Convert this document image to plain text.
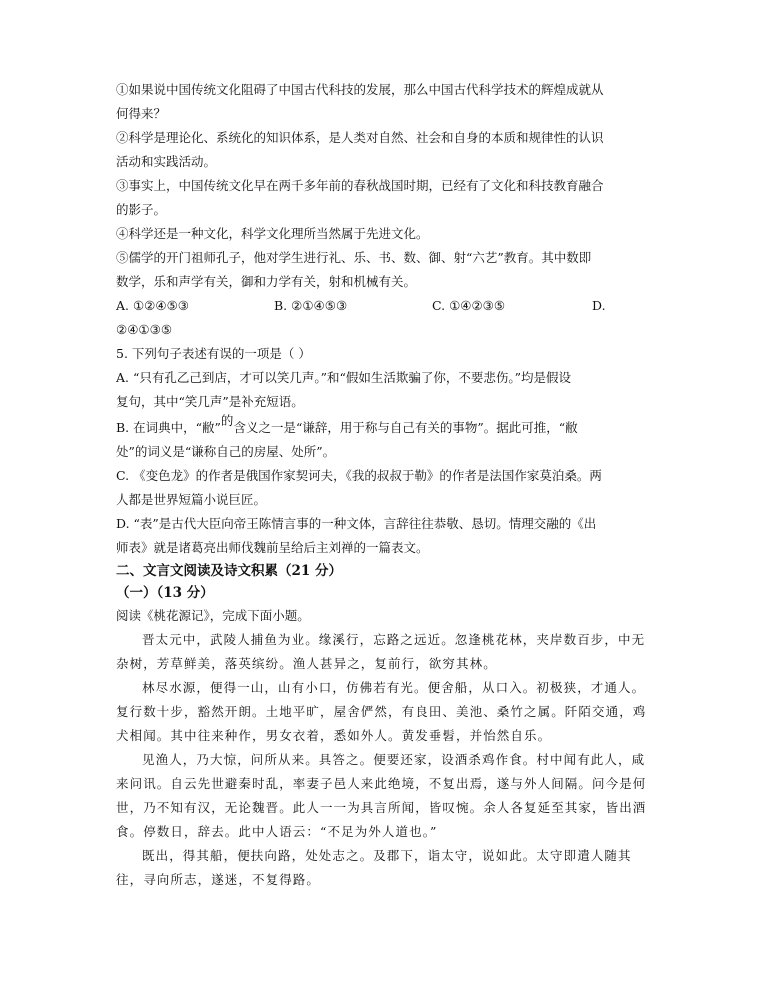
①如果说中国传统文化阻碍了中国古代科技的发展，那么中国古代科学技术的辉煌成就从

何得来？

②科学是理论化、系统化的知识体系，是人类对自然、社会和自身的本质和规律性的认识

活动和实践活动。

③事实上，中国传统文化早在两千多年前的春秋战国时期，已经有了文化和科技教育融合

的影子。

④科学还是一种文化，科学文化理所当然属于先进文化。

⑤儒学的开门祖师孔子，他对学生进行礼、乐、书、数、御、射“六艺”教育。其中数即

数学，乐和声学有关，御和力学有关，射和机械有关。

A. ①②④⑤③	B. ②①④⑤③	C. ①④②③⑤	D.

②④①③⑤

5. 下列句子表述有误的一项是（ ）

A. “只有孔乙己到店，才可以笑几声。”和“假如生活欺骗了你，不要悲伤。”均是假设

复句，其中“笑几声”是补充短语。

B. 在词典中，“敝”的含义之一是“谦辞，用于称与自己有关的事物”。据此可推，“敝

处”的词义是“谦称自己的房屋、处所”。

C. 《变色龙》的作者是俄国作家契诃夫，《我的叔叔于勒》的作者是法国作家莫泊桑。两

人都是世界短篇小说巨匠。

D. “表”是古代大臣向帝王陈情言事的一种文体，言辞往往恭敬、恳切。情理交融的《出

师表》就是诸葛亮出师伐魏前呈给后主刘禅的一篇表文。

二、文言文阅读及诗文积累（21 分）

（一）（13 分）

阅读《桃花源记》，完成下面小题。

晋太元中，武陵人捕鱼为业。缘溪行，忘路之远近。忽逢桃花林，夹岸数百步，中无

杂树，芳草鲜美，落英缤纷。渔人甚异之，复前行，欲穷其林。

林尽水源，便得一山，山有小口，仿佛若有光。便舍船，从口入。初极狭，才通人。

复行数十步，豁然开朗。土地平旷，屋舍俨然，有良田、美池、桑竹之属。阡陌交通，鸡

犬相闻。其中往来种作，男女衣着，悉如外人。黄发垂髫，并怡然自乐。

见渔人，乃大惊，问所从来。具答之。便要还家，设酒杀鸡作食。村中闻有此人，咸

来问讯。自云先世避秦时乱，率妻子邑人来此绝境，不复出焉，遂与外人间隔。问今是何

世，乃不知有汉，无论魏晋。此人一一为具言所闻，皆叹惋。余人各复延至其家，皆出酒

食。停数日，辞去。此中人语云：“不足为外人道也。”

既出，得其船，便扶向路，处处志之。及郡下，诣太守，说如此。太守即遣人随其

往，寻向所志，遂迷，不复得路。
